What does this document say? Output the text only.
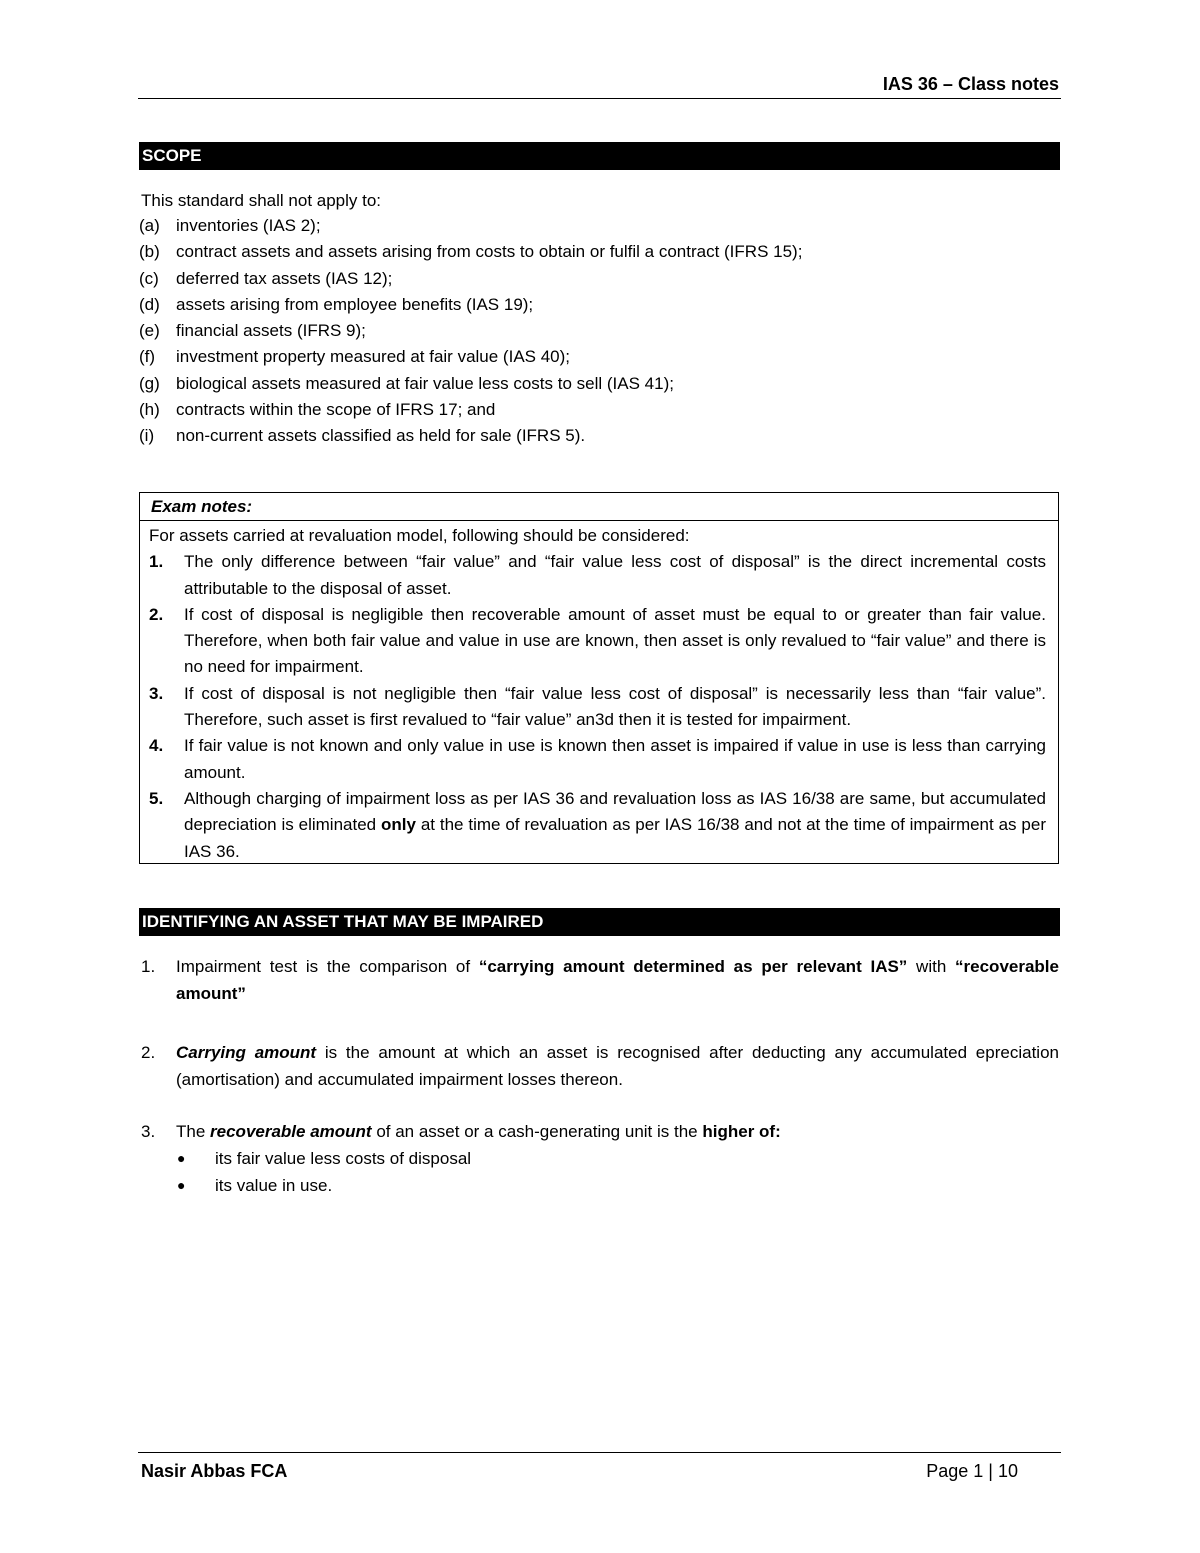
IAS 36 – Class notes
SCOPE
This standard shall not apply to:
(a) inventories (IAS 2);
(b) contract assets and assets arising from costs to obtain or fulfil a contract (IFRS 15);
(c)	deferred tax assets (IAS 12);
(d) assets arising from employee benefits (IAS 19);
(e) financial assets (IFRS 9);
(f)	investment property measured at fair value (IAS 40);
(g) biological assets measured at fair value less costs to sell (IAS 41);
(h) contracts within the scope of IFRS 17; and
(i)	non-current assets classified as held for sale (IFRS 5).
Exam notes:
For assets carried at revaluation model, following should be considered:
1.	The only difference between “fair value” and “fair value less cost of disposal” is the direct incremental costs attributable to the disposal of asset.
2.	If cost of disposal is negligible then recoverable amount of asset must be equal to or greater than fair value. Therefore, when both fair value and value in use are known, then asset is only revalued to “fair value” and there is no need for impairment.
3.	If cost of disposal is not negligible then “fair value less cost of disposal” is necessarily less than “fair value”. Therefore, such asset is first revalued to “fair value” an3d then it is tested for impairment.
4.	If fair value is not known and only value in use is known then asset is impaired if value in use is less than carrying amount.
5.	Although charging of impairment loss as per IAS 36 and revaluation loss as IAS 16/38 are same, but accumulated depreciation is eliminated only at the time of revaluation as per IAS 16/38 and not at the time of impairment as per IAS 36.
IDENTIFYING AN ASSET THAT MAY BE IMPAIRED
1.	Impairment test is the comparison of “carrying amount determined as per relevant IAS” with “recoverable amount”
2.	Carrying amount is the amount at which an asset is recognised after deducting any accumulated epreciation (amortisation) and accumulated impairment losses thereon.
3.	The recoverable amount of an asset or a cash-generating unit is the higher of:
●	its fair value less costs of disposal
●	its value in use.
Nasir Abbas FCA	Page 1 | 10
